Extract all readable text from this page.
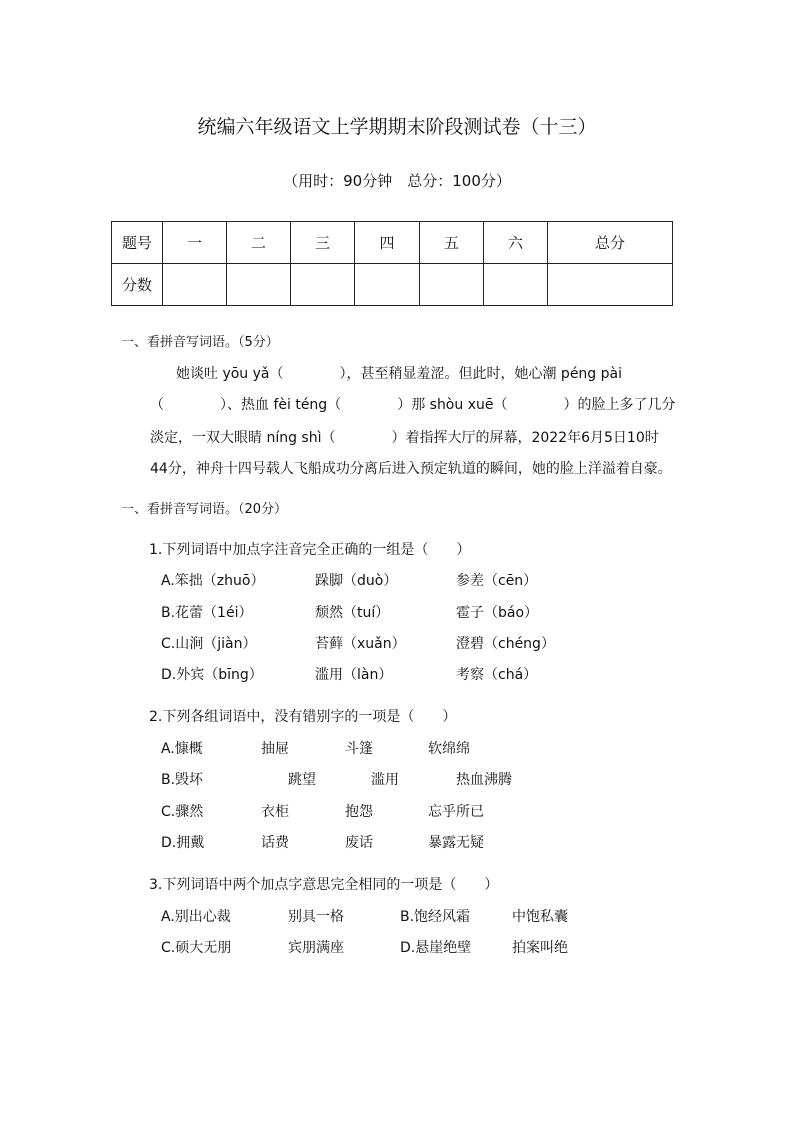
统编六年级语文上学期期末阶段测试卷（十三）
（用时：90分钟　总分：100分）
题号	一	二	三	四	五	六	总分
分数							
一、看拼音写词语。（5分）
她谈吐 yōu yǎ（　　　　），甚至稍显羞涩。但此时，她心潮 péng pài
（　　　　）、热血 fèi téng（　　　　）那 shòu xuē（　　　　）的脸上多了几分
淡定，一双大眼睛 níng shì（　　　　）着指挥大厅的屏幕，2022年6月5日10时
44分，神舟十四号载人飞船成功分离后进入预定轨道的瞬间，她的脸上洋溢着自豪。
一、看拼音写词语。（20分）
1.下列词语中加点字注音完全正确的一组是（　　）
A.笨拙（zhuō）	跺脚（duò）	参差（cēn）
B.花蕾（1éi）	颓然（tuí）	雹子（báo）
C.山涧（jiàn）	苔藓（xuǎn）	澄碧（chéng）
D.外宾（bīng）	滥用（làn）	考察（chá）
2.下列各组词语中，没有错别字的一项是（　　）
A.慷概	抽屉	斗篷	软绵绵
B.毁坏	跳望	滥用	热血沸腾
C.骤然	衣柜	抱怨	忘乎所已
D.拥戴	话费	废话	暴露无疑
3.下列词语中两个加点字意思完全相同的一项是（　　）
A.别出心裁	别具一格	B.饱经风霜	中饱私囊
C.硕大无朋	宾朋满座	D.悬崖绝壁	拍案叫绝
